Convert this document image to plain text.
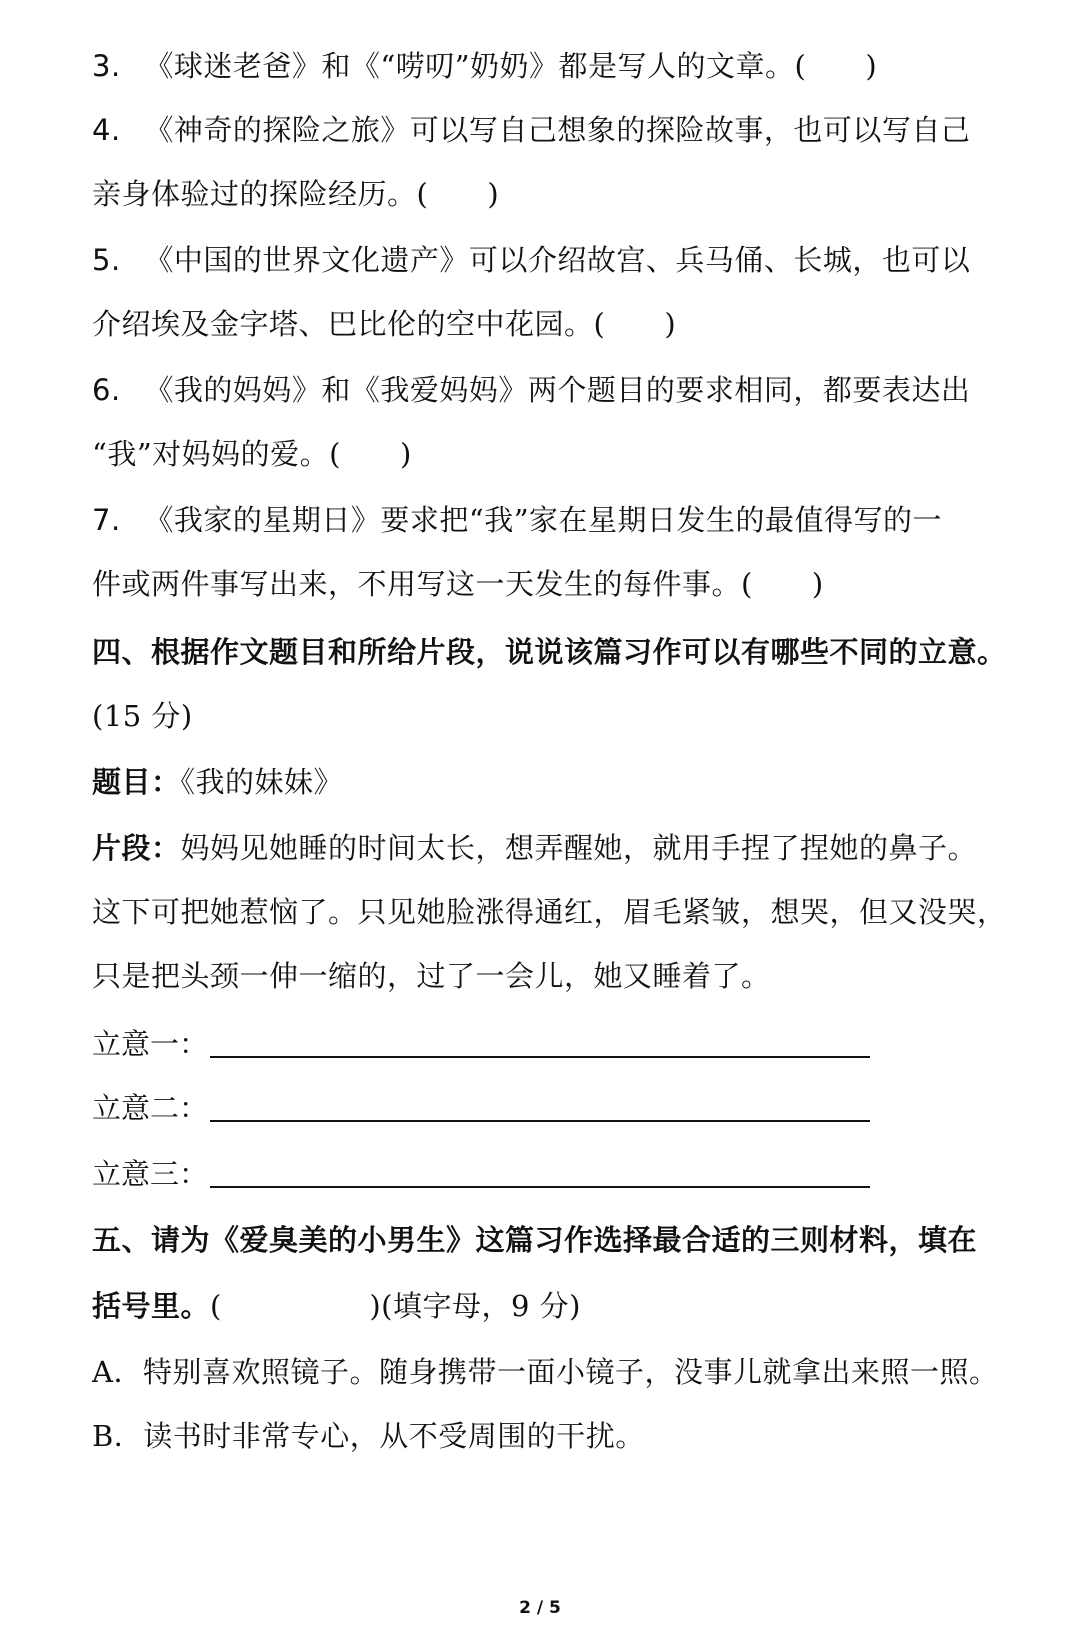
3. 《球迷老爸》和《“唠叨”奶奶》都是写人的文章。(　　)
4. 《神奇的探险之旅》可以写自己想象的探险故事，也可以写自己
亲身体验过的探险经历。(　　)
5. 《中国的世界文化遗产》可以介绍故宫、兵马俑、长城，也可以
介绍埃及金字塔、巴比伦的空中花园。(　　)
6. 《我的妈妈》和《我爱妈妈》两个题目的要求相同，都要表达出
“我”对妈妈的爱。(　　)
7. 《我家的星期日》要求把“我”家在星期日发生的最值得写的一
件或两件事写出来，不用写这一天发生的每件事。(　　)
四、根据作文题目和所给片段，说说该篇习作可以有哪些不同的立意。
(15 分)
题目：《我的妹妹》
片段：妈妈见她睡的时间太长，想弄醒她，就用手捏了捏她的鼻子。
这下可把她惹恼了。只见她脸涨得通红，眉毛紧皱，想哭，但又没哭，
只是把头颈一伸一缩的，过了一会儿，她又睡着了。
立意一：
立意二：
立意三：
五、请为《爱臭美的小男生》这篇习作选择最合适的三则材料，填在
括号里。(　　　　　)(填字母，9 分)
A．特别喜欢照镜子。随身携带一面小镜子，没事儿就拿出来照一照。
B．读书时非常专心，从不受周围的干扰。
2 / 5
